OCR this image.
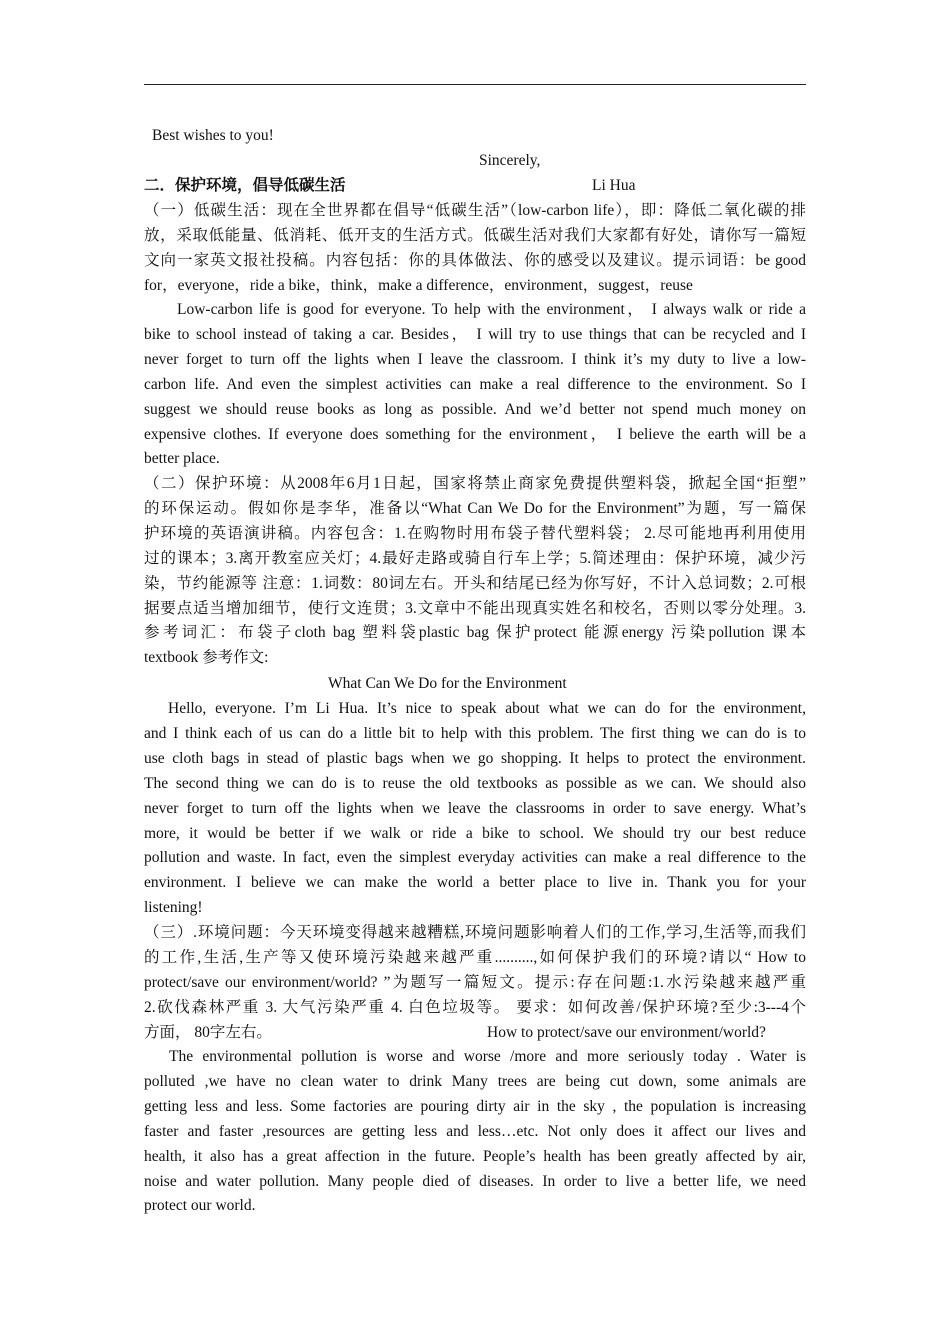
Best wishes to you!
Sincerely,
二．保护环境，倡导低碳生活	Li Hua
（一）低碳生活：现在全世界都在倡导“低碳生活”（low-carbon life），即：降低二氧化碳的排
放，采取低能量、低消耗、低开支的生活方式。低碳生活对我们大家都有好处，请你写一篇短
文向一家英文报社投稿。内容包括：你的具体做法、你的感受以及建议。提示词语：be good
for，everyone，ride a bike，think，make a difference，environment，suggest，reuse
Low-carbon life is good for everyone. To help with the environment， I always walk or ride a
bike to school instead of taking a car. Besides， I will try to use things that can be recycled and I
never forget to turn off the lights when I leave the classroom. I think it’s my duty to live a low-
carbon life. And even the simplest activities can make a real difference to the environment. So I
suggest we should reuse books as long as possible. And we’d better not spend much money on
expensive clothes. If everyone does something for the environment， I believe the earth will be a
better place.
（二）保护环境：从2008年6月1日起，国家将禁止商家免费提供塑料袋，掀起全国“拒塑”
的环保运动。假如你是李华，准备以“What Can We Do for the Environment”为题，写一篇保
护环境的英语演讲稿。内容包含：1.在购物时用布袋子替代塑料袋； 2.尽可能地再利用使用
过的课本；3.离开教室应关灯；4.最好走路或骑自行车上学；5.简述理由：保护环境，减少污
染，节约能源等 注意：1.词数：80词左右。开头和结尾已经为你写好，不计入总词数；2.可根
据要点适当增加细节，使行文连贯；3.文章中不能出现真实姓名和校名，否则以零分处理。3.
参考词汇：布袋子cloth bag 塑料袋plastic bag 保护protect 能源energy 污染pollution 课本
textbook 参考作文:
What Can We Do for the Environment
Hello, everyone. I’m Li Hua. It’s nice to speak about what we can do for the environment,
and I think each of us can do a little bit to help with this problem. The first thing we can do is to
use cloth bags in stead of plastic bags when we go shopping. It helps to protect the environment.
The second thing we can do is to reuse the old textbooks as possible as we can. We should also
never forget to turn off the lights when we leave the classrooms in order to save energy. What’s
more, it would be better if we walk or ride a bike to school. We should try our best reduce
pollution and waste. In fact, even the simplest everyday activities can make a real difference to the
environment. I believe we can make the world a better place to live in. Thank you for your
listening!
（三）.环境问题：今天环境变得越来越糟糕,环境问题影响着人们的工作,学习,生活等,而我们
的工作,生活,生产等又使环境污染越来越严重..........,如何保护我们的环境?请以“ How to
protect/save our environment/world? ”为题写一篇短文。提示:存在问题:1.水污染越来越严重
2.砍伐森林严重 3. 大气污染严重 4. 白色垃圾等。 要求：如何改善/保护环境?至少:3---4个
方面， 80字左右。	How to protect/save our environment/world?
The environmental pollution is worse and worse /more and more seriously today . Water is
polluted ,we have no clean water to drink Many trees are being cut down, some animals are
getting less and less. Some factories are pouring dirty air in the sky , the population is increasing
faster and faster ,resources are getting less and less…etc. Not only does it affect our lives and
health, it also has a great affection in the future. People’s health has been greatly affected by air,
noise and water pollution. Many people died of diseases. In order to live a better life, we need
protect our world.
